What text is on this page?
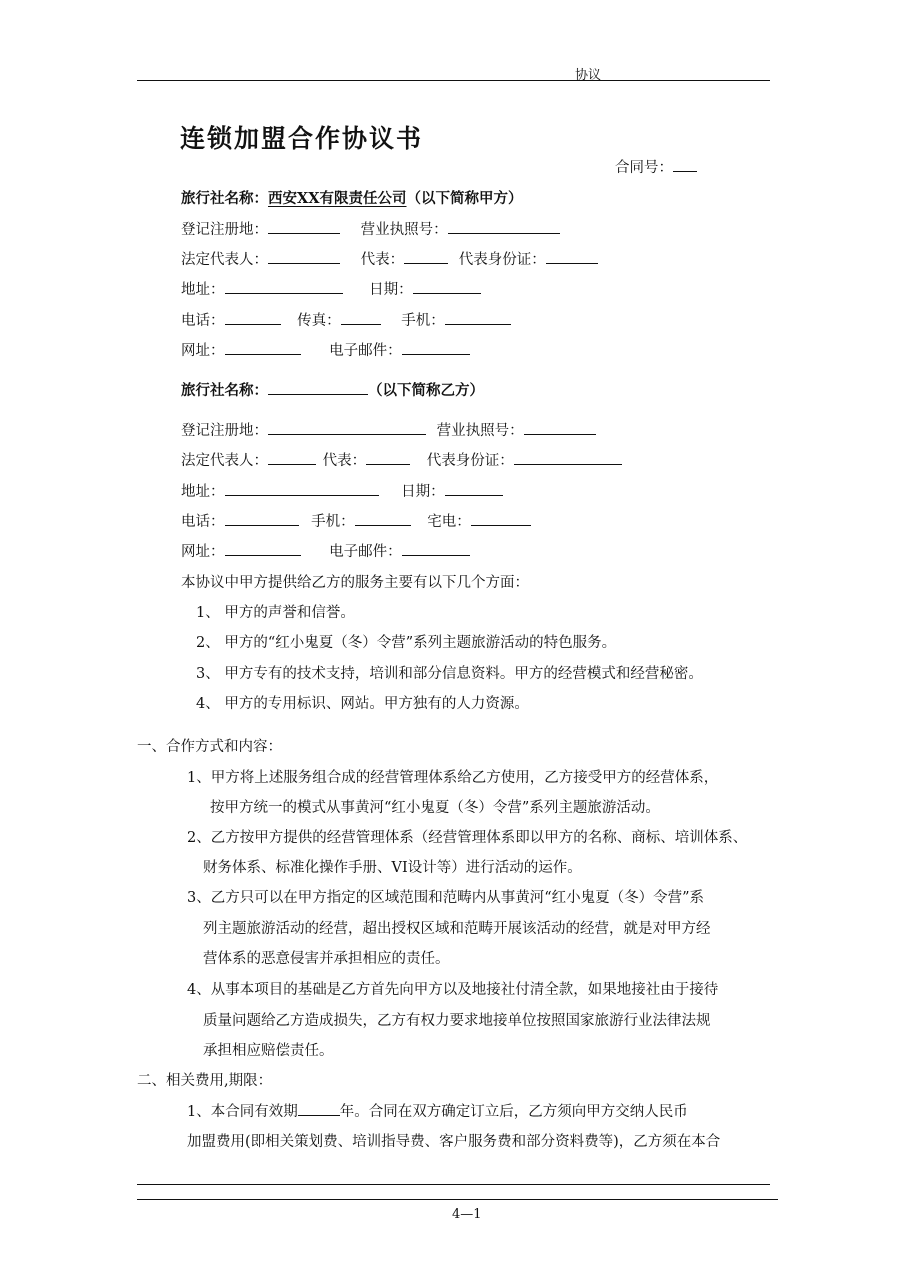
协议
连锁加盟合作协议书
合同号：
旅行社名称：西安XX有限责任公司（以下简称甲方）
登记注册地：	营业执照号：
法定代表人：	代表：	代表身份证：
地址：	日期：
电话：	传真：	手机：
网址：	电子邮件：
旅行社名称：	（以下简称乙方）
登记注册地：	营业执照号：
法定代表人：	代表：	代表身份证：
地址：	日期：
电话：	手机：	宅电：
网址：	电子邮件：
本协议中甲方提供给乙方的服务主要有以下几个方面：
1、 甲方的声誉和信誉。
2、 甲方的“红小鬼夏（冬）令营”系列主题旅游活动的特色服务。
3、 甲方专有的技术支持，培训和部分信息资料。甲方的经营模式和经营秘密。
4、 甲方的专用标识、网站。甲方独有的人力资源。
一、合作方式和内容：
1、甲方将上述服务组合成的经营管理体系给乙方使用，乙方接受甲方的经营体系，
按甲方统一的模式从事黄河“红小鬼夏（冬）令营”系列主题旅游活动。
2、乙方按甲方提供的经营管理体系（经营管理体系即以甲方的名称、商标、培训体系、
财务体系、标准化操作手册、VI设计等）进行活动的运作。
3、乙方只可以在甲方指定的区域范围和范畴内从事黄河“红小鬼夏（冬）令营”系
列主题旅游活动的经营，超出授权区域和范畴开展该活动的经营，就是对甲方经
营体系的恶意侵害并承担相应的责任。
4、从事本项目的基础是乙方首先向甲方以及地接社付清全款，如果地接社由于接待
质量问题给乙方造成损失，乙方有权力要求地接单位按照国家旅游行业法律法规
承担相应赔偿责任。
二、相关费用,期限：
1、本合同有效期	年。合同在双方确定订立后，乙方须向甲方交纳人民币
加盟费用(即相关策划费、培训指导费、客户服务费和部分资料费等)，乙方须在本合
4—1
